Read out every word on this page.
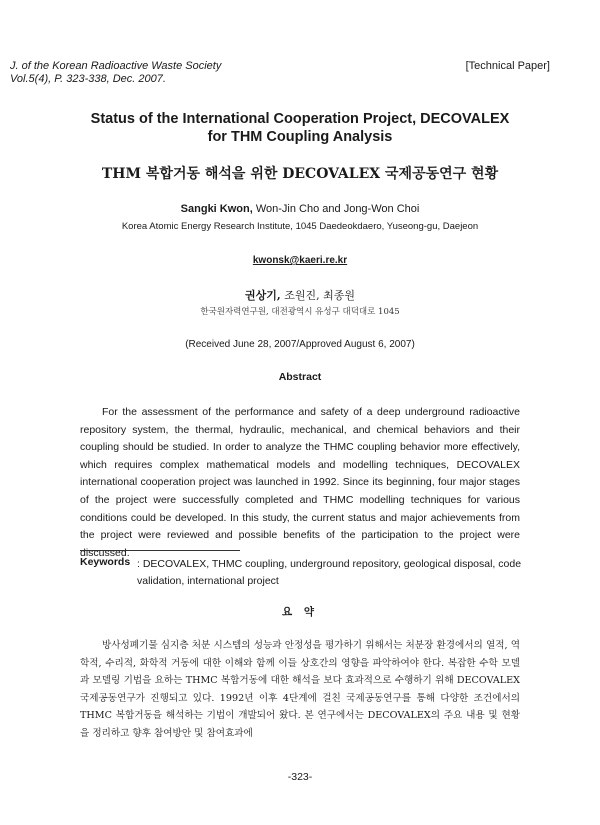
J. of the Korean Radioactive Waste Society
Vol.5(4), P. 323-338, Dec. 2007.
[Technical Paper]
Status of the International Cooperation Project, DECOVALEX
for THM Coupling Analysis
THM 복합거동 해석을 위한 DECOVALEX 국제공동연구 현황
Sangki Kwon, Won-Jin Cho and Jong-Won Choi
Korea Atomic Energy Research Institute, 1045 Daedeokdaero, Yuseong-gu, Daejeon
kwonsk@kaeri.re.kr
권상기, 조원진, 최종원
한국원자력연구원, 대전광역시 유성구 대덕대로 1045
(Received June 28, 2007/Approved August 6, 2007)
Abstract

For the assessment of the performance and safety of a deep underground radioactive repository system, the thermal, hydraulic, mechanical, and chemical behaviors and their coupling should be studied. In order to analyze the THMC coupling behavior more effectively, which requires complex mathematical models and modelling techniques, DECOVALEX international cooperation project was launched in 1992. Since its beginning, four major stages of the project were successfully completed and THMC modelling techniques for various conditions could be developed. In this study, the current status and major achievements from the project were reviewed and possible benefits of the participation to the project were discussed.

Keywords : DECOVALEX, THMC coupling, underground repository, geological disposal, code validation, international project

요 약

방사성폐기물 심지층 처분 시스템의 성능과 안정성을 평가하기 위해서는 처분장 환경에서의 열적, 역학적, 수리적, 화학적 거동에 대한 이해와 함께 이들 상호간의 영향을 파악하여야 한다. 복잡한 수학 모델과 모델링 기법을 요하는 THMC 복합거동에 대한 해석을 보다 효과적으로 수행하기 위해 DECOVALEX 국제공동연구가 진행되고 있다. 1992년 이후 4단계에 걸친 국제공동연구를 통해 다양한 조건에서의 THMC 복합거동을 해석하는 기법이 개발되어 왔다. 본 연구에서는 DECOVALEX의 주요 내용 및 현황을 정리하고 향후 참여방안 및 참여효과에

-323-
